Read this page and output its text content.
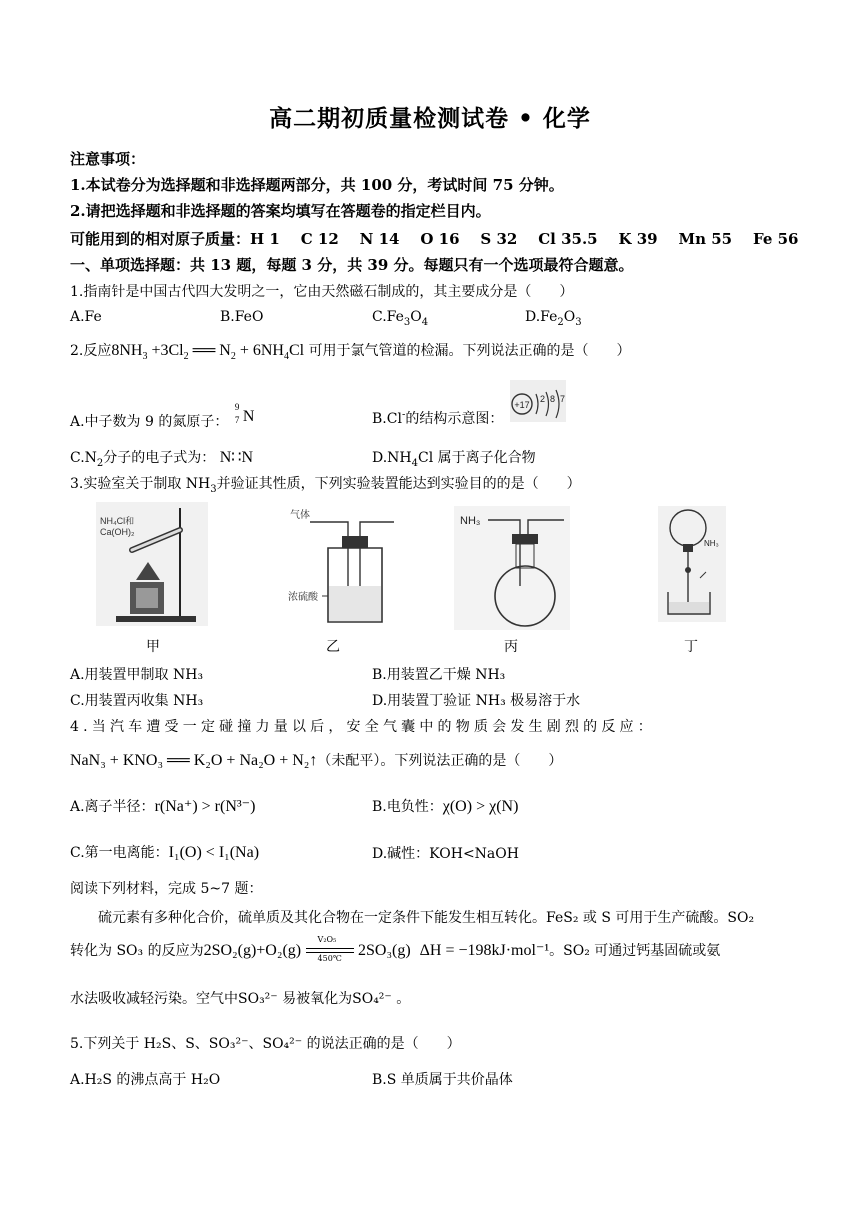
高二期初质量检测试卷 • 化学
注意事项：
1.本试卷分为选择题和非选择题两部分，共 100 分，考试时间 75 分钟。
2.请把选择题和非选择题的答案均填写在答题卷的指定栏目内。
可能用到的相对原子质量：H 1    C 12    N 14    O 16    S 32    Cl 35.5    K 39    Mn 55    Fe 56
一、单项选择题：共 13 题，每题 3 分，共 39 分。每题只有一个选项最符合题意。
1.指南针是中国古代四大发明之一，它由天然磁石制成的，其主要成分是（　　）
A.Fe	B.FeO	$C.Fe_3O_4$	$D.Fe_2O_3$
2.反应$8NH_3 +3Cl_2$ ══ $N_2 + 6NH_4Cl$ 可用于氯气管道的检漏。下列说法正确的是（　　）
A.中子数为 9 的氮原子：
9
7 N	B.Cl-的结构示意图：
+17
2 8 7
$C.N_2$分子的电子式为： N∷N	$D.NH_4Cl$ 属于离子化合物
3.实验室关于制取 $NH_3$并验证其性质，下列实验装置能达到实验目的的是（　　）
NH₄Cl和
Ca(OH)₂
气体
浓硫酸
NH₃
NH₃
甲	乙	丙	丁
A.用装置甲制取 NH₃	B.用装置乙干燥 NH₃
C.用装置丙收集 NH₃	D.用装置丁验证 NH₃ 极易溶于水
4.当汽车遭受一定碰撞力量以后，安全气囊中的物质会发生剧烈的反应：
NaN₃ + KNO₃ ══ K₂O + Na₂O + N₂↑（未配平）。下列说法正确的是（　　）
A.离子半径：r(Na⁺) > r(N³⁻)	B.电负性：χ(O) > χ(N)
C.第一电离能：I₁(O) < I₁(Na)	D.碱性：KOH<NaOH
阅读下列材料，完成 5~7 题：
硫元素有多种化合价，硫单质及其化合物在一定条件下能发生相互转化。FeS₂ 或 S 可用于生产硫酸。SO₂
转化为 SO₃ 的反应为$2SO_2(g)+O_2(g) \frac{\text{V₂O₅}}{450℃} 2SO_3(g) \Delta H = -198kJ\cdot mol^{-1}$。SO₂ 可通过钙基固硫或氨
水法吸收减轻污染。空气中SO₃²⁻ 易被氧化为SO₄²⁻ 。
5.下列关于 H₂S、S、SO₃²⁻、SO₄²⁻ 的说法正确的是（　　）
A.H₂S 的沸点高于 H₂O	B.S 单质属于共价晶体
